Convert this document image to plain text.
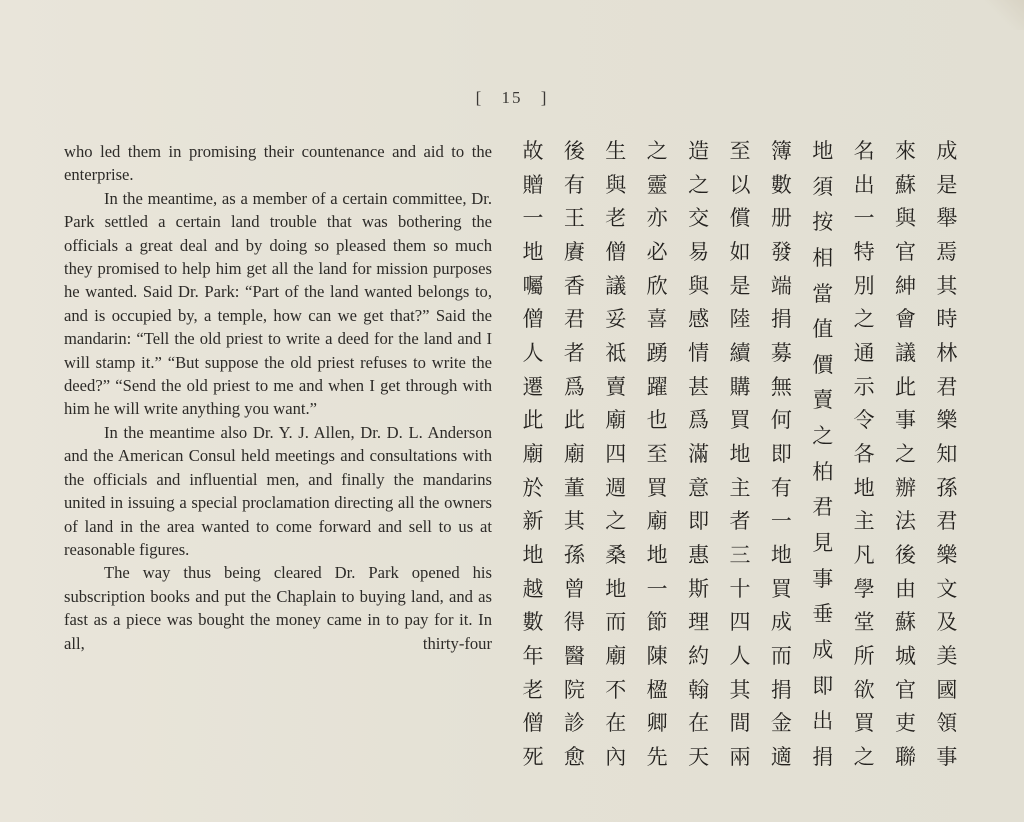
[ 15 ]

who led them in promising their countenance and aid to the enterprise.

In the meantime, as a member of a certain committee, Dr. Park settled a certain land trouble that was bothering the officials a great deal and by doing so pleased them so much they promised to help him get all the land for mission purposes he wanted. Said Dr. Park: “Part of the land wanted belongs to, and is occupied by, a temple, how can we get that?” Said the mandarin: “Tell the old priest to write a deed for the land and I will stamp it.” “But suppose the old priest refuses to write the deed?” “Send the old priest to me and when I get through with him he will write anything you want.”

In the meantime also Dr. Y. J. Allen, Dr. D. L. Anderson and the American Consul held meetings and consultations with the officials and influential men, and finally the mandarins united in issuing a special proclamation directing all the owners of land in the area wanted to come forward and sell to us at reasonable figures.

The way thus being cleared Dr. Park opened his subscription books and put the Chaplain to buying land, and as fast as a piece was bought the money came in to pay for it. In all, thirty-four

成
是
舉
焉
其
時
林
君
樂
知
孫
君
樂
文
及
美
國
領
事
來
蘇
與
官
紳
會
議
此
事
之
辦
法
後
由
蘇
城
官
吏
聯
名
出
一
特
別
之
通
示
令
各
地
主
凡
學
堂
所
欲
買
之
地
須
按
相
當
值
價
賣
之
柏
君
見
事
垂
成
即
出
捐
簿
數
册
發
端
捐
募
無
何
即
有
一
地
買
成
而
捐
金
適
至
以
償
如
是
陸
續
購
買
地
主
者
三
十
四
人
其
間
兩
造
之
交
易
與
感
情
甚
爲
滿
意
即
惠
斯
理
約
翰
在
天
之
靈
亦
必
欣
喜
踴
躍
也
至
買
廟
地
一
節
陳
楹
卿
先
生
與
老
僧
議
妥
祗
賣
廟
四
週
之
桑
地
而
廟
不
在
內
後
有
王
賡
香
君
者
爲
此
廟
董
其
孫
曾
得
醫
院
診
愈
故
贈
一
地
囑
僧
人
遷
此
廟
於
新
地
越
數
年
老
僧
死
